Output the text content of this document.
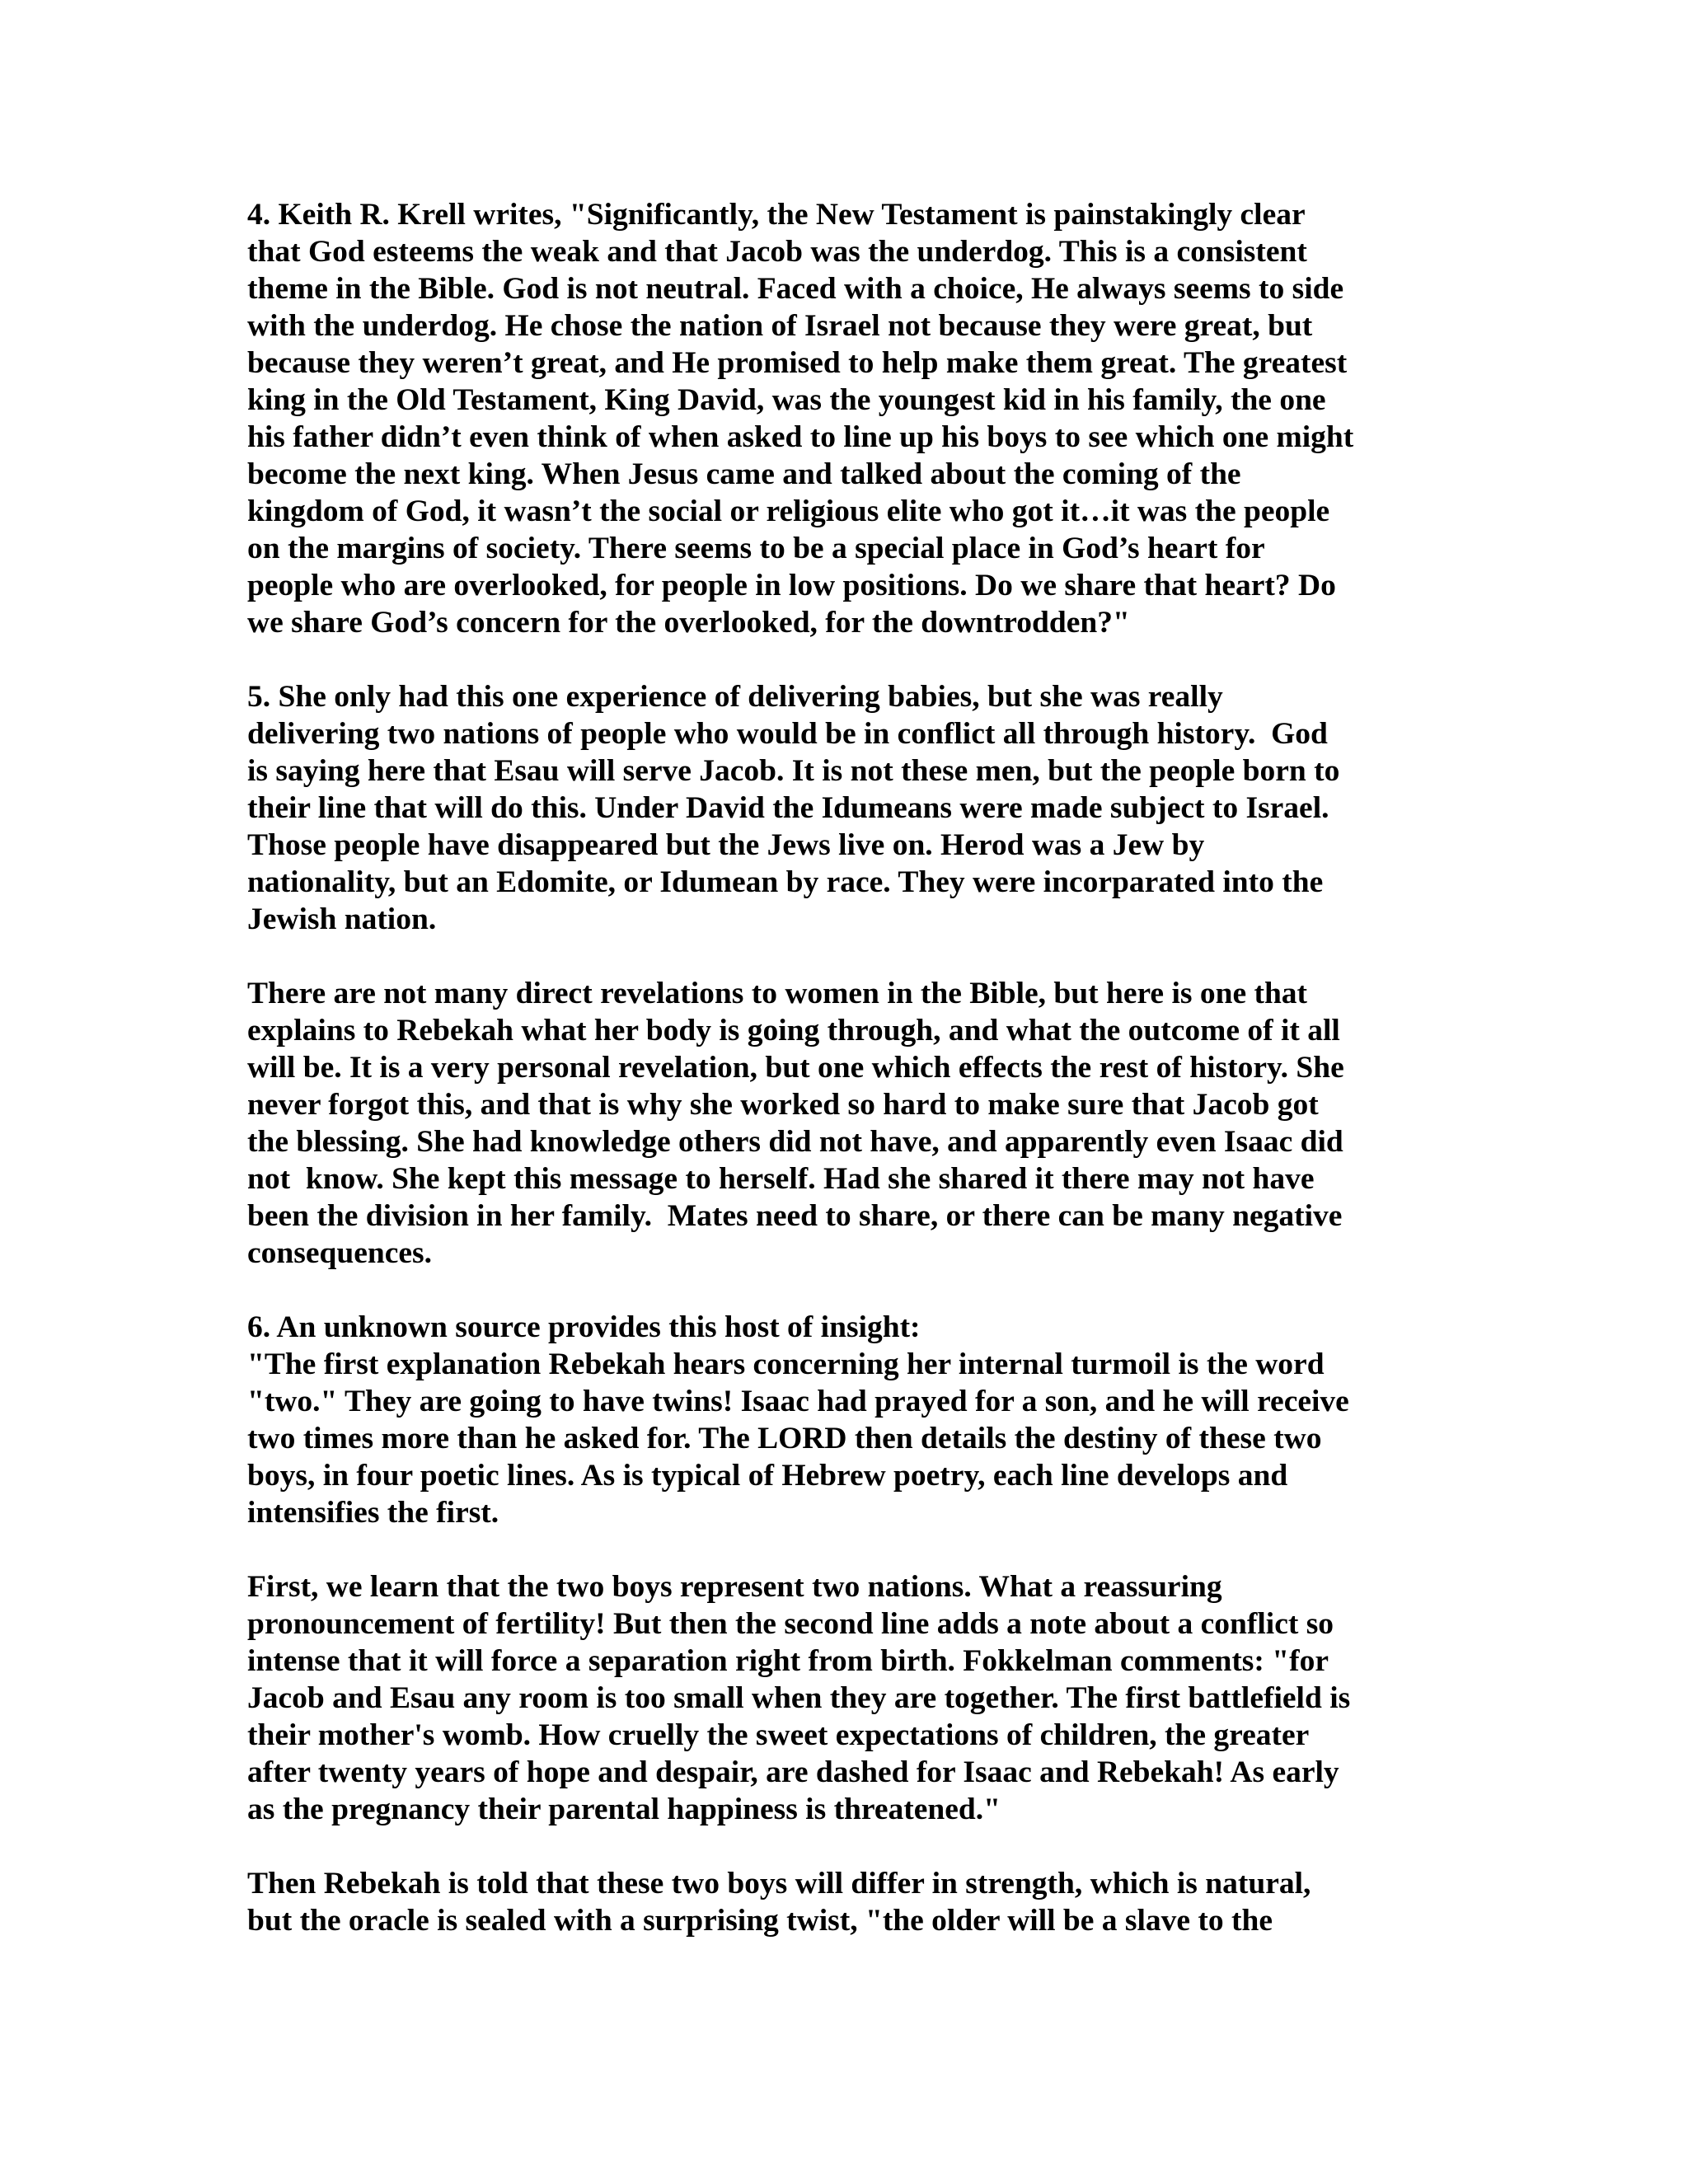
4. Keith R. Krell writes, "Significantly, the New Testament is painstakingly clear

that God esteems the weak and that Jacob was the underdog. This is a consistent

theme in the Bible. God is not neutral. Faced with a choice, He always seems to side

with the underdog. He chose the nation of Israel not because they were great, but

because they weren’t great, and He promised to help make them great. The greatest

king in the Old Testament, King David, was the youngest kid in his family, the one

his father didn’t even think of when asked to line up his boys to see which one might

become the next king. When Jesus came and talked about the coming of the

kingdom of God, it wasn’t the social or religious elite who got it…it was the people

on the margins of society. There seems to be a special place in God’s heart for

people who are overlooked, for people in low positions. Do we share that heart? Do

we share God’s concern for the overlooked, for the downtrodden?"

5. She only had this one experience of delivering babies, but she was really

delivering two nations of people who would be in conflict all through history.  God

is saying here that Esau will serve Jacob. It is not these men, but the people born to

their line that will do this. Under David the Idumeans were made subject to Israel.

Those people have disappeared but the Jews live on. Herod was a Jew by

nationality, but an Edomite, or Idumean by race. They were incorparated into the

Jewish nation.

There are not many direct revelations to women in the Bible, but here is one that

explains to Rebekah what her body is going through, and what the outcome of it all

will be. It is a very personal revelation, but one which effects the rest of history. She

never forgot this, and that is why she worked so hard to make sure that Jacob got

the blessing. She had knowledge others did not have, and apparently even Isaac did

not  know. She kept this message to herself. Had she shared it there may not have

been the division in her family.  Mates need to share, or there can be many negative

consequences.

6. An unknown source provides this host of insight:

"The first explanation Rebekah hears concerning her internal turmoil is the word

"two." They are going to have twins! Isaac had prayed for a son, and he will receive

two times more than he asked for. The LORD then details the destiny of these two

boys, in four poetic lines. As is typical of Hebrew poetry, each line develops and

intensifies the first.

First, we learn that the two boys represent two nations. What a reassuring

pronouncement of fertility! But then the second line adds a note about a conflict so

intense that it will force a separation right from birth. Fokkelman comments: "for

Jacob and Esau any room is too small when they are together. The first battlefield is

their mother's womb. How cruelly the sweet expectations of children, the greater

after twenty years of hope and despair, are dashed for Isaac and Rebekah! As early

as the pregnancy their parental happiness is threatened."

Then Rebekah is told that these two boys will differ in strength, which is natural,

but the oracle is sealed with a surprising twist, "the older will be a slave to the
